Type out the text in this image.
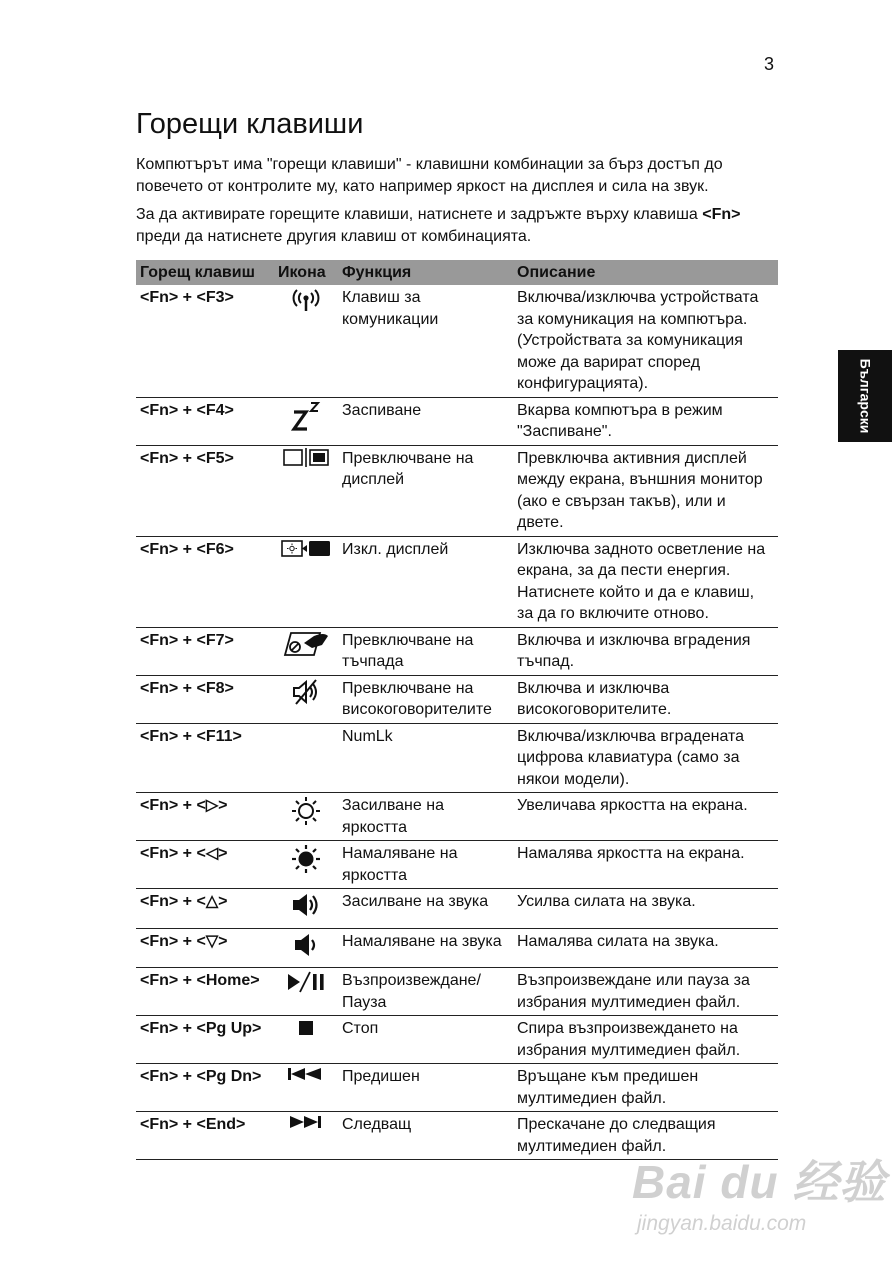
3
Български
Горещи клавиши

Компютърът има "горещи клавиши" - клавишни комбинации за бърз достъп до повечето от контролите му, като например яркост на дисплея и сила на звук.

За да активирате горещите клавиши, натиснете и задръжте върху клавиша <Fn> преди да натиснете другия клавиш от комбинацията.

Горещ клавиш	Икона	Функция	Описание
<Fn> + <F3>		Клавиш за комуникации	Включва/изключва устройствата за комуникация на компютъра. (Устройствата за комуникация може да варират според конфигурацията).
<Fn> + <F4>		Заспиване	Вкарва компютъра в режим "Заспиване".
<Fn> + <F5>		Превключване на дисплей	Превключва активния дисплей между екрана, външния монитор (ако е свързан такъв), или и двете.
<Fn> + <F6>		Изкл. дисплей	Изключва задното осветление на екрана, за да пести енергия. Натиснете който и да е клавиш, за да го включите отново.
<Fn> + <F7>		Превключване на тъчпада	Включва и изключва вградения тъчпад.
<Fn> + <F8>		Превключване на високоговорителите	Включва и изключва високоговорителите.
<Fn> + <F11>		NumLk	Включва/изключва вградената цифрова клавиатура (само за някои модели).
<Fn> + <▷>		Засилване на яркостта	Увеличава яркостта на екрана.
<Fn> + <◁>		Намаляване на яркостта	Намалява яркостта на екрана.
<Fn> + <△>		Засилване на звука	Усилва силата на звука.
<Fn> + <▽>		Намаляване на звука	Намалява силата на звука.
<Fn> + <Home>		Възпроизвеждане/ Пауза	Възпроизвеждане или пауза за избрания мултимедиен файл.
<Fn> + <Pg Up>		Стоп	Спира възпроизвеждането на избрания мултимедиен файл.
<Fn> + <Pg Dn>		Предишен	Връщане към предишен мултимедиен файл.
<Fn> + <End>		Следващ	Прескачане до следващия мултимедиен файл.
Bai du 经验
jingyan.baidu.com
